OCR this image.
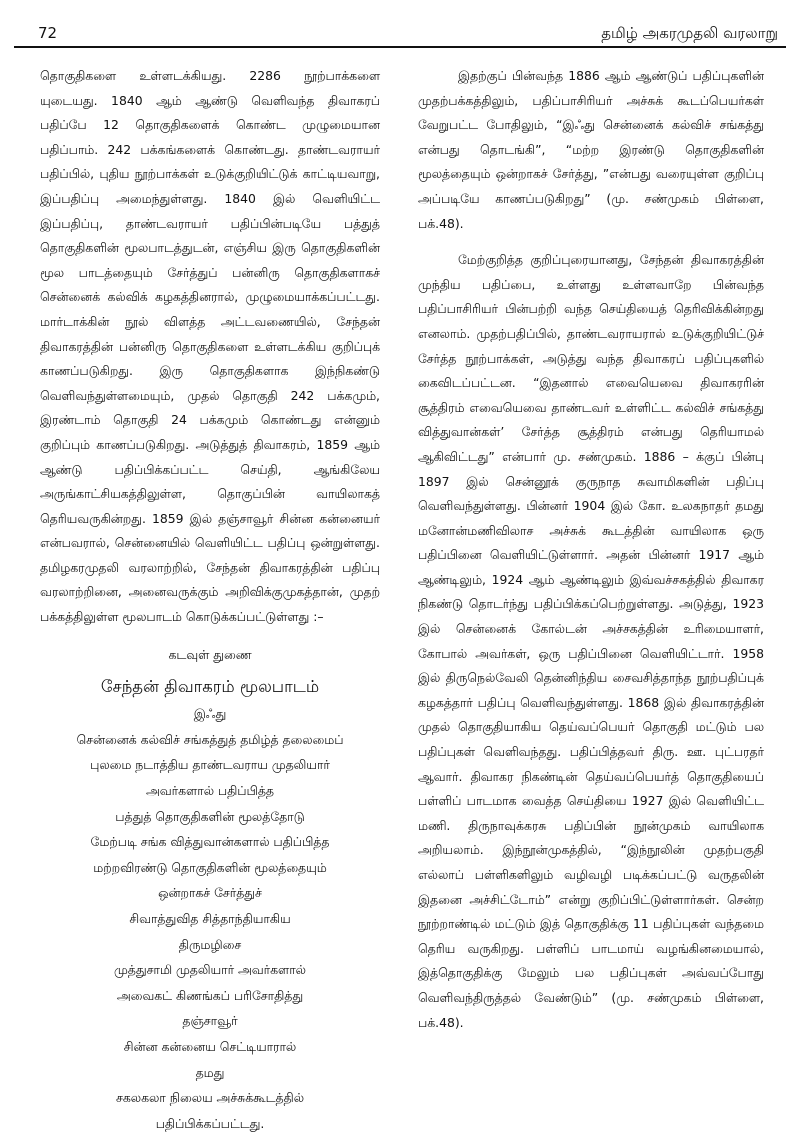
72	தமிழ் அகரமுதலி வரலாறு

தொகுதிகளை உள்ளடக்கியது. 2286 நூற்பாக்களை யுடையது. 1840 ஆம் ஆண்டு வெளிவந்த திவாகரப் பதிப்பே 12 தொகுதிகளைக் கொண்ட முழுமையான பதிப்பாம். 242 பக்கங்களைக் கொண்டது. தாண்டவராயர் பதிப்பில், புதிய நூற்பாக்கள் உடுக்குறியிட்டுக் காட்டியவாறு, இப்பதிப்பு அமைந்துள்ளது. 1840 இல் வெளியிட்ட இப்பதிப்பு, தாண்டவராயர் பதிப்பின்படியே பத்துத் தொகுதிகளின் மூலபாடத்துடன், எஞ்சிய இரு தொகுதிகளின் மூல பாடத்தையும் சேர்த்துப் பன்னிரு தொகுதிகளாகச் சென்னைக் கல்விக் கழகத்தினரால், முழுமையாக்கப்பட்டது. மார்டாக்கின் நூல் விளத்த அட்டவணையில், சேந்தன் திவாகரத்தின் பன்னிரு தொகுதிகளை உள்ளடக்கிய குறிப்புக் காணப்படுகிறது. இரு தொகுதிகளாக இந்நிகண்டு வெளிவந்துள்ளமையும், முதல் தொகுதி 242 பக்கமும், இரண்டாம் தொகுதி 24 பக்கமும் கொண்டது என்னும் குறிப்பும் காணப்படுகிறது. அடுத்துத் திவாகரம், 1859 ஆம் ஆண்டு பதிப்பிக்கப்பட்ட செய்தி, ஆங்கிலேய அருங்காட்சியகத்திலுள்ள, தொகுப்பின் வாயிலாகத் தெரியவருகின்றது. 1859 இல் தஞ்சாவூர் சின்ன கன்னையர் என்பவரால், சென்னையில் வெளியிட்ட பதிப்பு ஒன்றுள்ளது. தமிழகரமுதலி வரலாற்றில், சேந்தன் திவாகரத்தின் பதிப்பு வரலாற்றினை, அனைவருக்கும் அறிவிக்குமுகத்தான், முதற் பக்கத்திலுள்ள மூலபாடம் கொடுக்கப்பட்டுள்ளது :–

கடவுள் துணை
சேந்தன் திவாகரம் மூலபாடம்
இஃது
சென்னைக் கல்விச் சங்கத்துத் தமிழ்த் தலைமைப்
புலமை நடாத்திய தாண்டவராய முதலியார்
அவர்களால் பதிப்பித்த
பத்துத் தொகுதிகளின் மூலத்தோடு
மேற்படி சங்க வித்துவான்களால் பதிப்பித்த
மற்றவிரண்டு தொகுதிகளின் மூலத்தையும்
ஒன்றாகச் சேர்த்துச்
சிவாத்துவித சித்தாந்தியாகிய
திருமழிசை
முத்துசாமி முதலியார் அவர்களால்
அவைகட் கிணங்கப் பரிசோதித்து
தஞ்சாவூர்
சின்ன கன்னைய செட்டியாரால்
தமது
சகலகலா நிலைய அச்சுக்கூடத்தில்
பதிப்பிக்கப்பட்டது.

இதற்குப் பின்வந்த 1886 ஆம் ஆண்டுப் பதிப்புகளின் முதற்பக்கத்திலும், பதிப்பாசிரியர் அச்சுக் கூடப்பெயர்கள் வேறுபட்ட போதிலும், “இஃது சென்னைக் கல்விச் சங்கத்து என்பது தொடங்கி”, “மற்ற இரண்டு தொகுதிகளின் மூலத்தையும் ஒன்றாகச் சேர்த்து, ”என்பது வரையுள்ள குறிப்பு அப்படியே காணப்படுகிறது” (மு. சண்முகம் பிள்ளை, பக்.48).

மேற்குறித்த குறிப்புரையானது, சேந்தன் திவாகரத்தின் முந்திய பதிப்பை, உள்ளது உள்ளவாறே பின்வந்த பதிப்பாசிரியர் பின்பற்றி வந்த செய்தியைத் தெரிவிக்கின்றது எனலாம். முதற்பதிப்பில், தாண்டவராயரால் உடுக்குறியிட்டுச் சேர்த்த நூற்பாக்கள், அடுத்து வந்த திவாகரப் பதிப்புகளில் கைவிடப்பட்டன. “இதனால் எவையெவை திவாகரரின் சூத்திரம் எவையெவை தாண்டவர் உள்ளிட்ட கல்விச் சங்கத்து வித்துவான்கள்’ சேர்த்த சூத்திரம் என்பது தெரியாமல் ஆகிவிட்டது” என்பார் மு. சண்முகம். 1886 – க்குப் பின்பு 1897 இல் சென்னூக் குருநாத சுவாமிகளின் பதிப்பு வெளிவந்துள்ளது. பின்னர் 1904 இல் கோ. உலகநாதர் தமது மனோன்மணிவிலாச அச்சுக் கூடத்தின் வாயிலாக ஒரு பதிப்பினை வெளியிட்டுள்ளார். அதன் பின்னர் 1917 ஆம் ஆண்டிலும், 1924 ஆம் ஆண்டிலும் இவ்வச்சகத்தில் திவாகர நிகண்டு தொடர்ந்து பதிப்பிக்கப்பெற்றுள்ளது. அடுத்து, 1923 இல் சென்னைக் கோல்டன் அச்சகத்தின் உரிமையாளர், கோபால் அவர்கள், ஒரு பதிப்பினை வெளியிட்டார். 1958 இல் திருநெல்வேலி தென்னிந்திய சைவசித்தாந்த நூற்பதிப்புக் கழகத்தார் பதிப்பு வெளிவந்துள்ளது. 1868 இல் திவாகரத்தின் முதல் தொகுதியாகிய தெய்வப்பெயர் தொகுதி மட்டும் பல பதிப்புகள் வெளிவந்தது. பதிப்பித்தவர் திரு. ஊ. புட்பரதர் ஆவார். திவாகர நிகண்டின் தெய்வப்பெயர்த் தொகுதியைப் பள்ளிப் பாடமாக வைத்த செய்தியை 1927 இல் வெளியிட்ட மணி. திருநாவுக்கரசு பதிப்பின் நூன்முகம் வாயிலாக அறியலாம். இந்நூன்முகத்தில், “இந்நூலின் முதற்பகுதி எல்லாப் பள்ளிகளிலும் வழிவழி படிக்கப்பட்டு வருதலின் இதனை அச்சிட்டோம்” என்று குறிப்பிட்டுள்ளார்கள். சென்ற நூற்றாண்டில் மட்டும் இத் தொகுதிக்கு 11 பதிப்புகள் வந்தமை தெரிய வருகிறது. பள்ளிப் பாடமாய் வழங்கினமையால், இத்தொகுதிக்கு மேலும் பல பதிப்புகள் அவ்வப்போது வெளிவந்திருத்தல் வேண்டும்” (மு. சண்முகம் பிள்ளை, பக்.48).
